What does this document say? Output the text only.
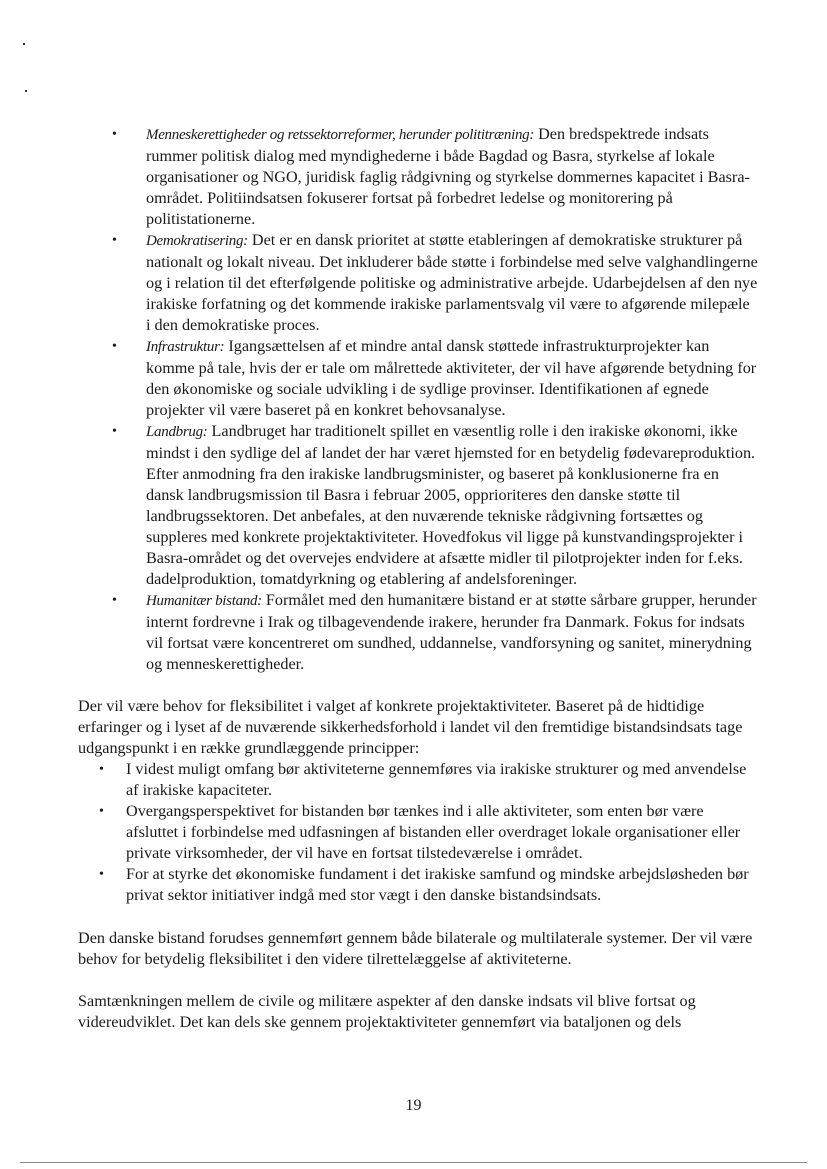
• Menneskerettigheder og retssektorreformer, herunder polititræning: Den bredspektrede indsats rummer politisk dialog med myndighederne i både Bagdad og Basra, styrkelse af lokale organisationer og NGO, juridisk faglig rådgivning og styrkelse dommernes kapacitet i Basra-området. Politiindsatsen fokuserer fortsat på forbedret ledelse og monitorering på politistationerne.
• Demokratisering: Det er en dansk prioritet at støtte etableringen af demokratiske strukturer på nationalt og lokalt niveau. Det inkluderer både støtte i forbindelse med selve valghandlingerne og i relation til det efterfølgende politiske og administrative arbejde. Udarbejdelsen af den nye irakiske forfatning og det kommende irakiske parlamentsvalg vil være to afgørende milepæle i den demokratiske proces.
• Infrastruktur: Igangsættelsen af et mindre antal dansk støttede infrastrukturprojekter kan komme på tale, hvis der er tale om målrettede aktiviteter, der vil have afgørende betydning for den økonomiske og sociale udvikling i de sydlige provinser. Identifikationen af egnede projekter vil være baseret på en konkret behovsanalyse.
• Landbrug: Landbruget har traditionelt spillet en væsentlig rolle i den irakiske økonomi, ikke mindst i den sydlige del af landet der har været hjemsted for en betydelig fødevareproduktion. Efter anmodning fra den irakiske landbrugsminister, og baseret på konklusionerne fra en dansk landbrugsmission til Basra i februar 2005, opprioriteres den danske støtte til landbrugssektoren. Det anbefales, at den nuværende tekniske rådgivning fortsættes og suppleres med konkrete projektaktiviteter. Hovedfokus vil ligge på kunstvandingsprojekter i Basra-området og det overvejes endvidere at afsætte midler til pilotprojekter inden for f.eks. dadelproduktion, tomatdyrkning og etablering af andelsforeninger.
• Humanitær bistand: Formålet med den humanitære bistand er at støtte sårbare grupper, herunder internt fordrevne i Irak og tilbagevendende irakere, herunder fra Danmark. Fokus for indsats vil fortsat være koncentreret om sundhed, uddannelse, vandforsyning og sanitet, minerydning og menneskerettigheder.

Der vil være behov for fleksibilitet i valget af konkrete projektaktiviteter. Baseret på de hidtidige erfaringer og i lyset af de nuværende sikkerhedsforhold i landet vil den fremtidige bistandsindsats tage udgangspunkt i en række grundlæggende principper:

• I videst muligt omfang bør aktiviteterne gennemføres via irakiske strukturer og med anvendelse af irakiske kapaciteter.
• Overgangsperspektivet for bistanden bør tænkes ind i alle aktiviteter, som enten bør være afsluttet i forbindelse med udfasningen af bistanden eller overdraget lokale organisationer eller private virksomheder, der vil have en fortsat tilstedeværelse i området.
• For at styrke det økonomiske fundament i det irakiske samfund og mindske arbejdsløsheden bør privat sektor initiativer indgå med stor vægt i den danske bistandsindsats.

Den danske bistand forudses gennemført gennem både bilaterale og multilaterale systemer. Der vil være behov for betydelig fleksibilitet i den videre tilrettelæggelse af aktiviteterne.

Samtænkningen mellem de civile og militære aspekter af den danske indsats vil blive fortsat og videreudviklet. Det kan dels ske gennem projektaktiviteter gennemført via bataljonen og dels

19
